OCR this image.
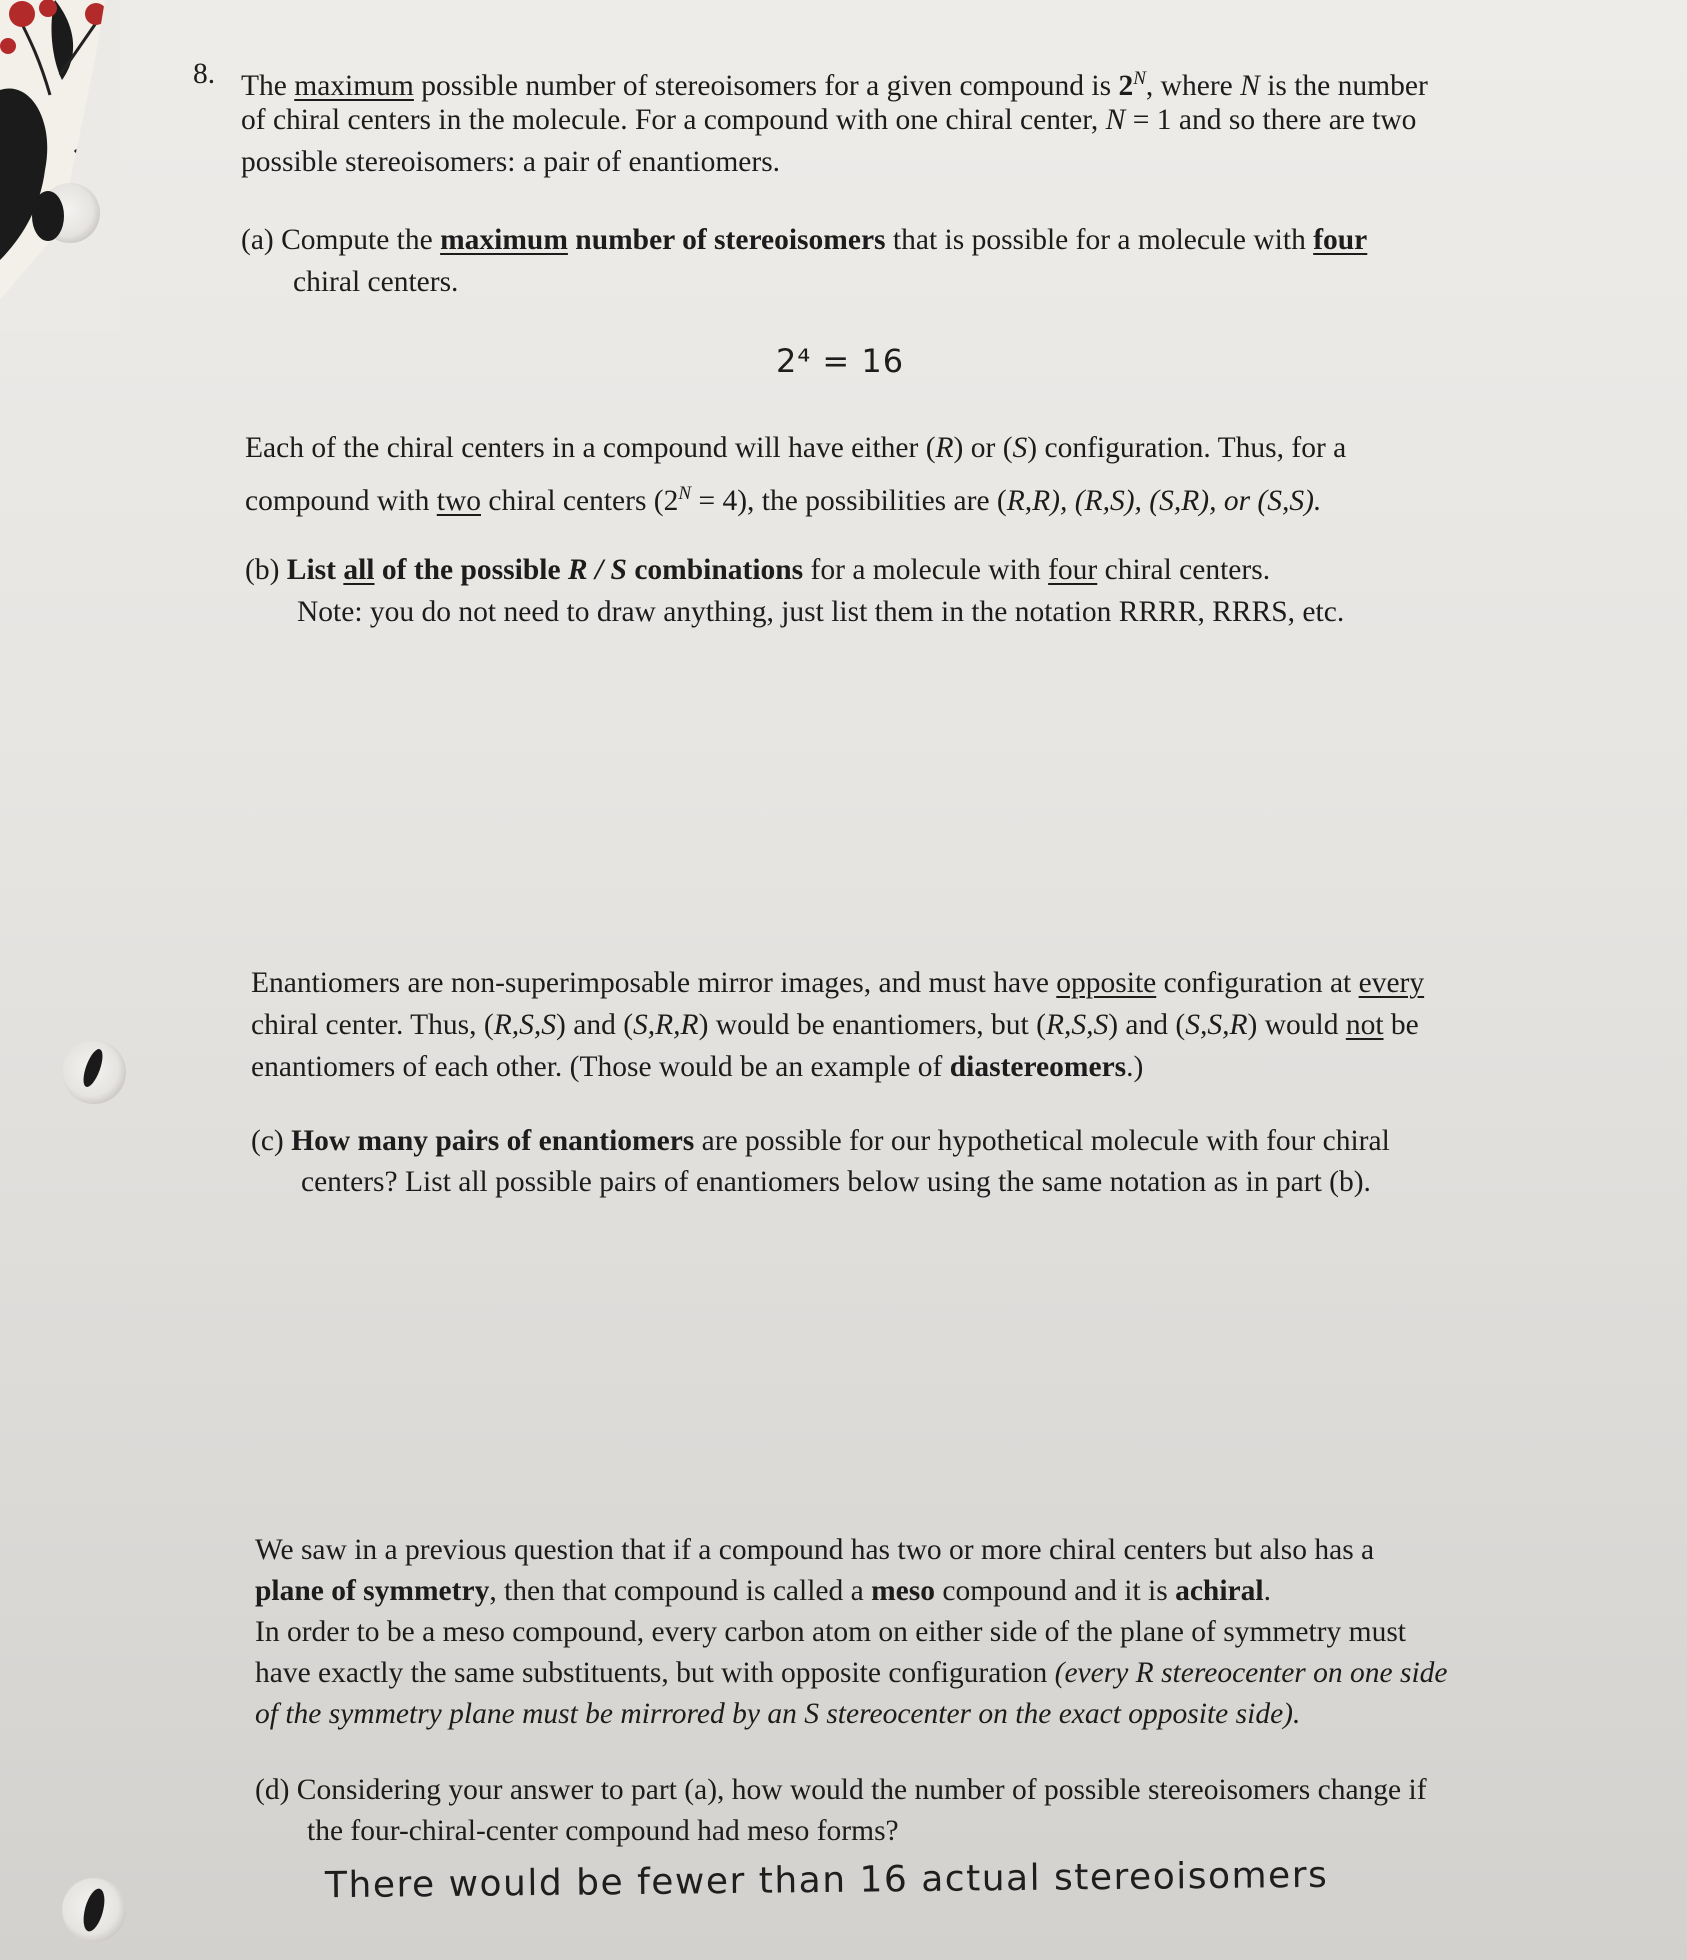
8. The maximum possible number of stereoisomers for a given compound is $2^N$, where N is the number
of chiral centers in the molecule. For a compound with one chiral center, N = 1 and so there are two
possible stereoisomers: a pair of enantiomers.
(a) Compute the maximum number of stereoisomers that is possible for a molecule with four
chiral centers.
2⁴ = 16
Each of the chiral centers in a compound will have either (R) or (S) configuration. Thus, for a
compound with two chiral centers $(2^N = 4)$, the possibilities are (R,R), (R,S), (S,R), or (S,S).
(b) List all of the possible R / S combinations for a molecule with four chiral centers.
Note: you do not need to draw anything, just list them in the notation RRRR, RRRS, etc.
Enantiomers are non-superimposable mirror images, and must have opposite configuration at every
chiral center. Thus, (R,S,S) and (S,R,R) would be enantiomers, but (R,S,S) and (S,S,R) would not be
enantiomers of each other. (Those would be an example of diastereomers.)
(c) How many pairs of enantiomers are possible for our hypothetical molecule with four chiral
centers? List all possible pairs of enantiomers below using the same notation as in part (b).
We saw in a previous question that if a compound has two or more chiral centers but also has a
plane of symmetry, then that compound is called a meso compound and it is achiral.
In order to be a meso compound, every carbon atom on either side of the plane of symmetry must
have exactly the same substituents, but with opposite configuration (every R stereocenter on one side
of the symmetry plane must be mirrored by an S stereocenter on the exact opposite side).
(d) Considering your answer to part (a), how would the number of possible stereoisomers change if
the four-chiral-center compound had meso forms?
There would be fewer than 16 actual stereoisomers
